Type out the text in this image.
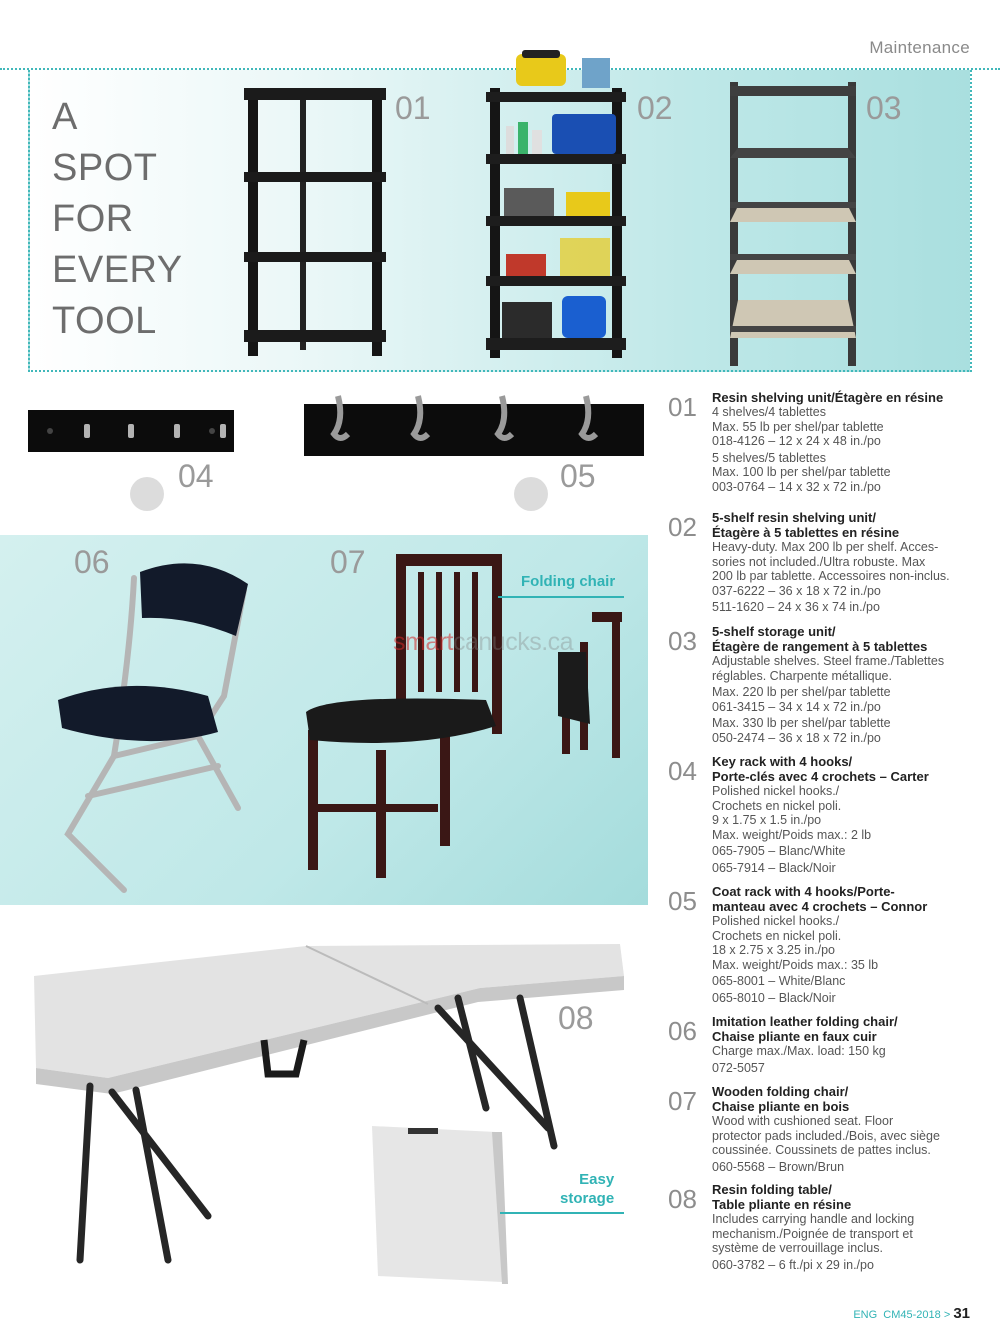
Maintenance
A
SPOT
FOR
EVERY
TOOL
01	02	03
04	05
06	07
Folding chair
smartcanucks.ca
08
Easy
storage
01 Resin shelving unit/Étagère en résine
4 shelves/4 tablettes
Max. 55 lb per shel/par tablette
018-4126 – 12 x 24 x 48 in./po
5 shelves/5 tablettes
Max. 100 lb per shel/par tablette
003-0764 – 14 x 32 x 72 in./po
02 5-shelf resin shelving unit/
Étagère à 5 tablettes en résine
Heavy-duty. Max 200 lb per shelf. Acces-
sories not included./Ultra robuste. Max
200 lb par tablette. Accessoires non-inclus.
037-6222 – 36 x 18 x 72 in./po
511-1620 – 24 x 36 x 74 in./po
03 5-shelf storage unit/
Étagère de rangement à 5 tablettes
Adjustable shelves. Steel frame./Tablettes
réglables. Charpente métallique.
Max. 220 lb per shel/par tablette
061-3415 – 34 x 14 x 72 in./po
Max. 330 lb per shel/par tablette
050-2474 – 36 x 18 x 72 in./po
04 Key rack with 4 hooks/
Porte-clés avec 4 crochets – Carter
Polished nickel hooks./
Crochets en nickel poli.
9 x 1.75 x 1.5 in./po
Max. weight/Poids max.: 2 lb
065-7905 – Blanc/White
065-7914 – Black/Noir
05 Coat rack with 4 hooks/Porte-
manteau avec 4 crochets – Connor
Polished nickel hooks./
Crochets en nickel poli.
18 x 2.75 x 3.25 in./po
Max. weight/Poids max.: 35 lb
065-8001 – White/Blanc
065-8010 – Black/Noir
06 Imitation leather folding chair/
Chaise pliante en faux cuir
Charge max./Max. load: 150 kg
072-5057
07 Wooden folding chair/
Chaise pliante en bois
Wood with cushioned seat. Floor
protector pads included./Bois, avec siège
coussinée. Coussinets de pattes inclus.
060-5568 – Brown/Brun
08 Resin folding table/
Table pliante en résine
Includes carrying handle and locking
mechanism./Poignée de transport et
système de verrouillage inclus.
060-3782 – 6 ft./pi x 29 in./po
ENG CM45-2018 > 31
